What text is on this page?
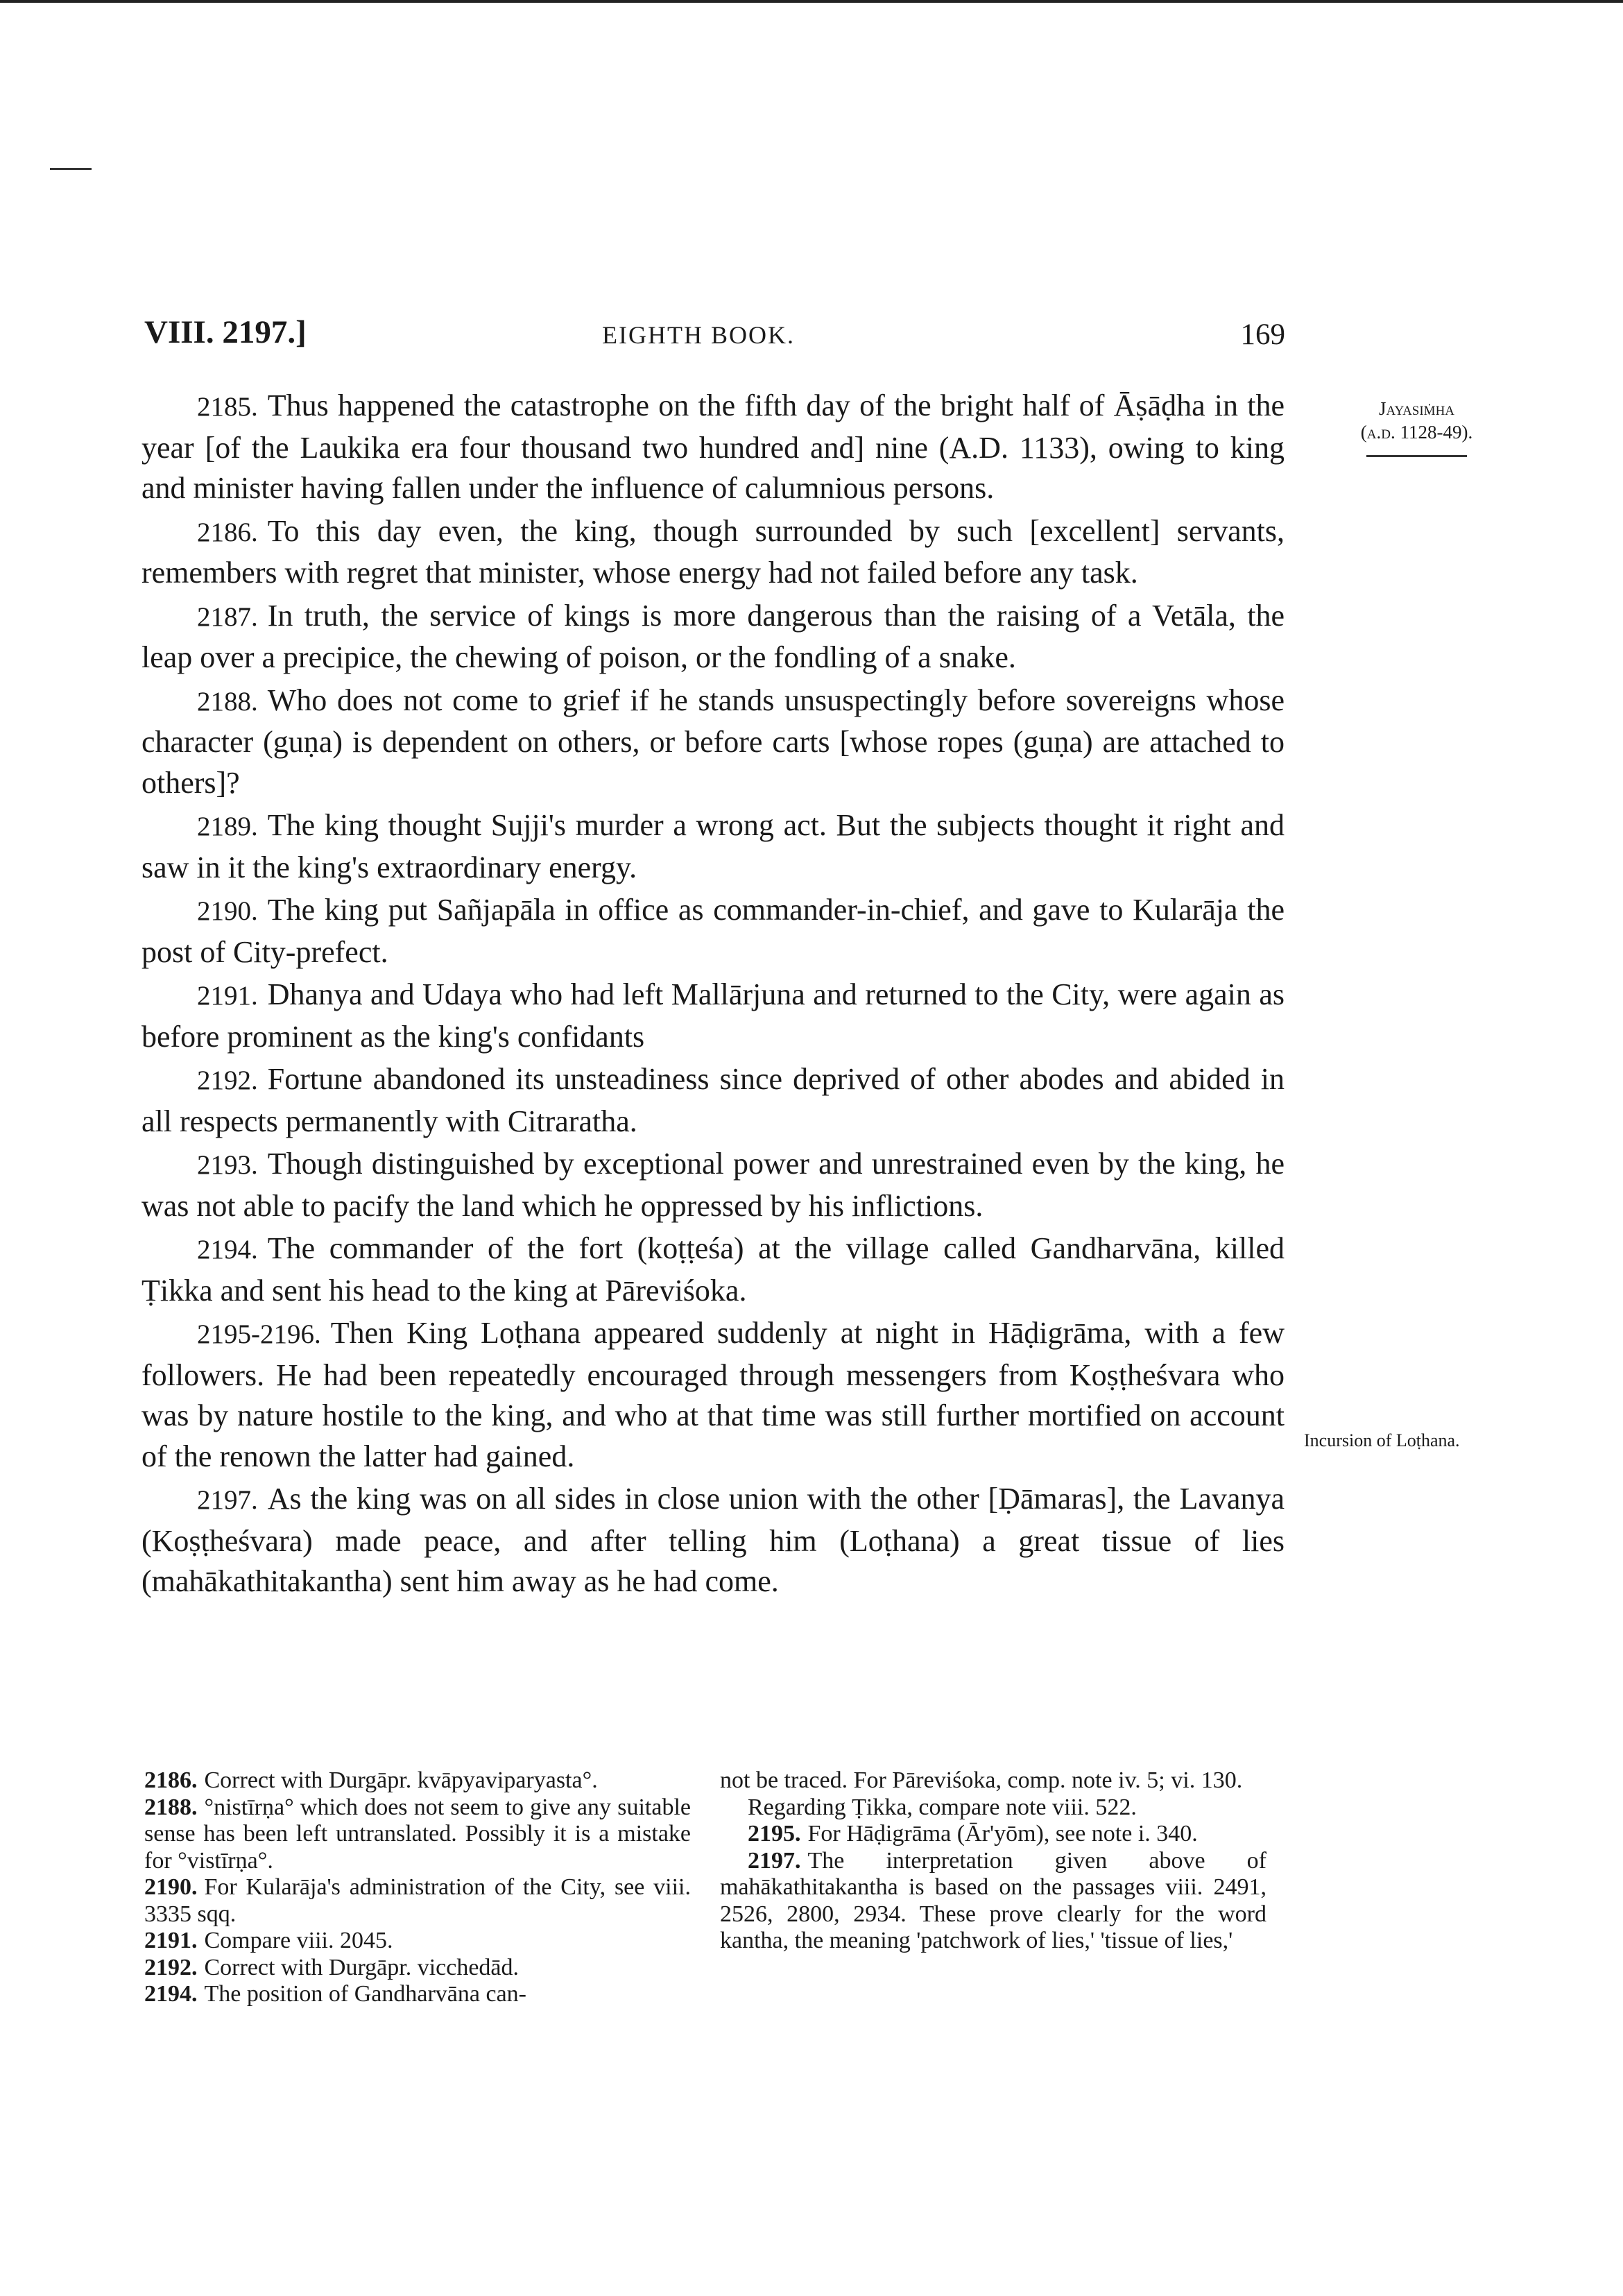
VIII. 2197.]	EIGHTH BOOK.	169
Jayasiṁha
(a.d. 1128-49).
Incursion of Loṭhana.

2185. Thus happened the catastrophe on the fifth day of the bright half of Āṣāḍha in the year [of the Laukika era four thousand two hundred and] nine (A.D. 1133), owing to king and minister having fallen under the influence of calumnious persons.

2186. To this day even, the king, though surrounded by such [excellent] servants, remembers with regret that minister, whose energy had not failed before any task.

2187. In truth, the service of kings is more dangerous than the raising of a Vetāla, the leap over a precipice, the chewing of poison, or the fondling of a snake.

2188. Who does not come to grief if he stands unsuspectingly before sovereigns whose character (guṇa) is dependent on others, or before carts [whose ropes (guṇa) are attached to others]?

2189. The king thought Sujji's murder a wrong act. But the subjects thought it right and saw in it the king's extraordinary energy.

2190. The king put Sañjapāla in office as commander-in-chief, and gave to Kularāja the post of City-prefect.

2191. Dhanya and Udaya who had left Mallārjuna and returned to the City, were again as before prominent as the king's confidants

2192. Fortune abandoned its unsteadiness since deprived of other abodes and abided in all respects permanently with Citraratha.

2193. Though distinguished by exceptional power and unrestrained even by the king, he was not able to pacify the land which he oppressed by his inflictions.

2194. The commander of the fort (koṭṭeśa) at the village called Gandharvāna, killed Ṭikka and sent his head to the king at Pāreviśoka.

2195-2196. Then King Loṭhana appeared suddenly at night in Hāḍigrāma, with a few followers. He had been repeatedly encouraged through messengers from Koṣṭheśvara who was by nature hostile to the king, and who at that time was still further mortified on account of the renown the latter had gained.

2197. As the king was on all sides in close union with the other [Ḍāmaras], the Lavanya (Koṣṭheśvara) made peace, and after telling him (Loṭhana) a great tissue of lies (mahākathitakantha) sent him away as he had come.

2186. Correct with Durgāpr. kvāpyaviparyasta°.

2188. °nistīrṇa° which does not seem to give any suitable sense has been left untranslated. Possibly it is a mistake for °vistīrṇa°.

2190. For Kularāja's administration of the City, see viii. 3335 sqq.

2191. Compare viii. 2045.

2192. Correct with Durgāpr. vicchedād.

2194. The position of Gandharvāna can-

not be traced. For Pāreviśoka, comp. note iv. 5; vi. 130.

Regarding Ṭikka, compare note viii. 522.

2195. For Hāḍigrāma (Ār'yōm), see note i. 340.

2197. The interpretation given above of mahākathitakantha is based on the passages viii. 2491, 2526, 2800, 2934. These prove clearly for the word kantha, the meaning 'patchwork of lies,' 'tissue of lies,'
